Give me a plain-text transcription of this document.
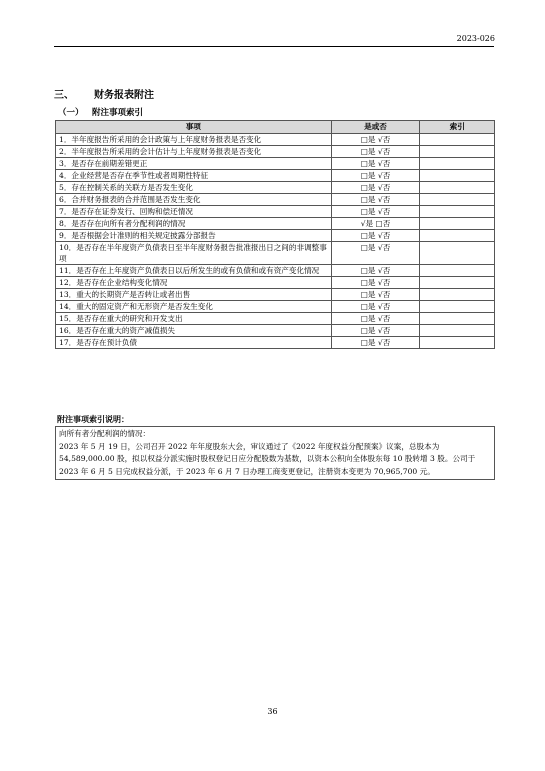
2023-026
三、 财务报表附注
（一） 附注事项索引
事项	是或否	索引
1．半年度报告所采用的会计政策与上年度财务报表是否变化	□是 √否	
2．半年度报告所采用的会计估计与上年度财务报表是否变化	□是 √否	
3．是否存在前期差错更正	□是 √否	
4．企业经营是否存在季节性或者周期性特征	□是 √否	
5．存在控制关系的关联方是否发生变化	□是 √否	
6．合并财务报表的合并范围是否发生变化	□是 √否	
7．是否存在证券发行、回购和偿还情况	□是 √否	
8．是否存在向所有者分配利润的情况	√是 □否	
9．是否根据会计准则的相关规定披露分部报告	□是 √否	
10．是否存在半年度资产负债表日至半年度财务报告批准报出日之间的非调整事项	□是 √否	
11．是否存在上年度资产负债表日以后所发生的或有负债和或有资产变化情况	□是 √否	
12．是否存在企业结构变化情况	□是 √否	
13．重大的长期资产是否转让或者出售	□是 √否	
14．重大的固定资产和无形资产是否发生变化	□是 √否	
15．是否存在重大的研究和开发支出	□是 √否	
16．是否存在重大的资产减值损失	□是 √否	
17．是否存在预计负债	□是 √否	
附注事项索引说明：
向所有者分配利润的情况：
2023 年 5 月 19 日，公司召开 2022 年年度股东大会，审议通过了《2022 年度权益分配预案》议案，总股本为 54,589,000.00 股，拟以权益分派实施时股权登记日应分配股数为基数，以资本公积向全体股东每 10 股转增 3 股。公司于 2023 年 6 月 5 日完成权益分派，于 2023 年 6 月 7 日办理工商变更登记，注册资本变更为 70,965,700 元。
36
